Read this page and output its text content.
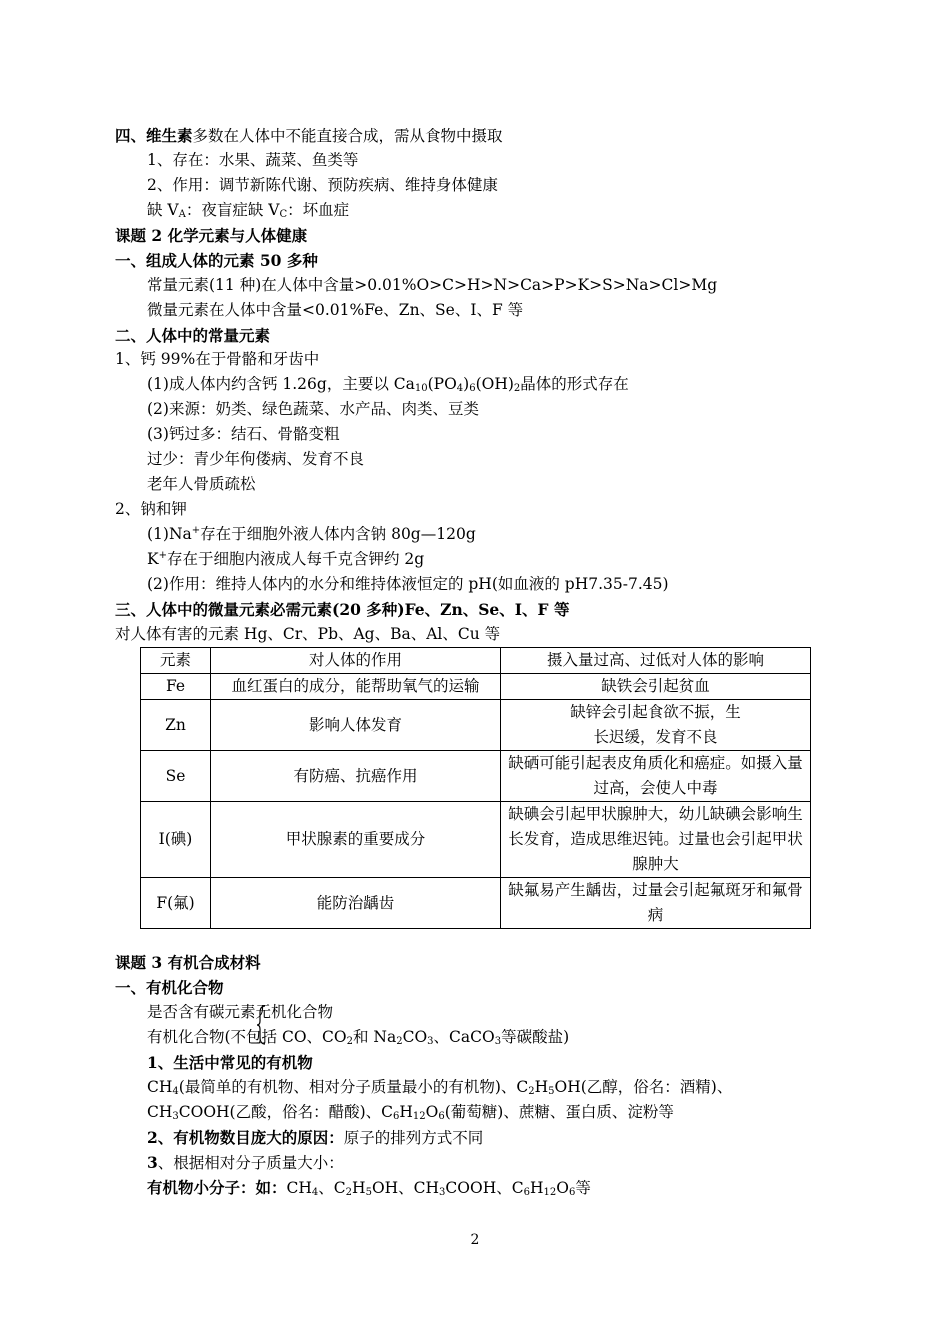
四、维生素多数在人体中不能直接合成，需从食物中摄取
1、存在：水果、蔬菜、鱼类等
2、作用：调节新陈代谢、预防疾病、维持身体健康
缺 $V_A$：夜盲症缺 $V_C$：坏血症
课题 2 化学元素与人体健康
一、组成人体的元素 50 多种
常量元素(11 种)在人体中含量>0.01%O>C>H>N>Ca>P>K>S>Na>Cl>Mg
微量元素在人体中含量<0.01%Fe、Zn、Se、I、F 等
二、人体中的常量元素
1、钙 99%在于骨骼和牙齿中
(1)成人体内约含钙 1.26g，主要以 $Ca_{10}(PO_4)_6(OH)_2$晶体的形式存在
(2)来源：奶类、绿色蔬菜、水产品、肉类、豆类
(3)钙过多：结石、骨骼变粗
过少：青少年佝偻病、发育不良
老年人骨质疏松
2、钠和钾
(1)Na+存在于细胞外液人体内含钠 80g—120g
K+存在于细胞内液成人每千克含钾约 2g
(2)作用：维持人体内的水分和维持体液恒定的 pH(如血液的 pH7.35-7.45)
三、人体中的微量元素必需元素(20 多种)Fe、Zn、Se、I、F 等
对人体有害的元素 Hg、Cr、Pb、Ag、Ba、Al、Cu 等
元素	对人体的作用	摄入量过高、过低对人体的影响
Fe	血红蛋白的成分，能帮助氧气的运输	缺铁会引起贫血
Zn	影响人体发育	缺锌会引起食欲不振，生长迟缓，发育不良
Se	有防癌、抗癌作用	缺硒可能引起表皮角质化和癌症。如摄入量过高，会使人中毒
I(碘)	甲状腺素的重要成分	缺碘会引起甲状腺肿大，幼儿缺碘会影响生长发育，造成思维迟钝。过量也会引起甲状腺肿大
F(氟)	能防治龋齿	缺氟易产生龋齿，过量会引起氟斑牙和氟骨病
课题 3 有机合成材料
一、有机化合物
是否含有碳元素无机化合物
有机化合物(不包括 CO、$CO_2$和 $Na_2CO_3$、CaCO$_3$等碳酸盐)
1、生活中常见的有机物
$CH_4$(最简单的有机物、相对分子质量最小的有机物)、$C_2H_5OH$(乙醇，俗名：酒精)、
$CH_3COOH$(乙酸，俗名：醋酸)、$C_6H_{12}O_6$(葡萄糖)、蔗糖、蛋白质、淀粉等
2、有机物数目庞大的原因：原子的排列方式不同
3、根据相对分子质量大小：
有机物小分子：如：$CH_4$、$C_2H_5OH$、$CH_3COOH$、$C_6H_{12}O_6$等
2
